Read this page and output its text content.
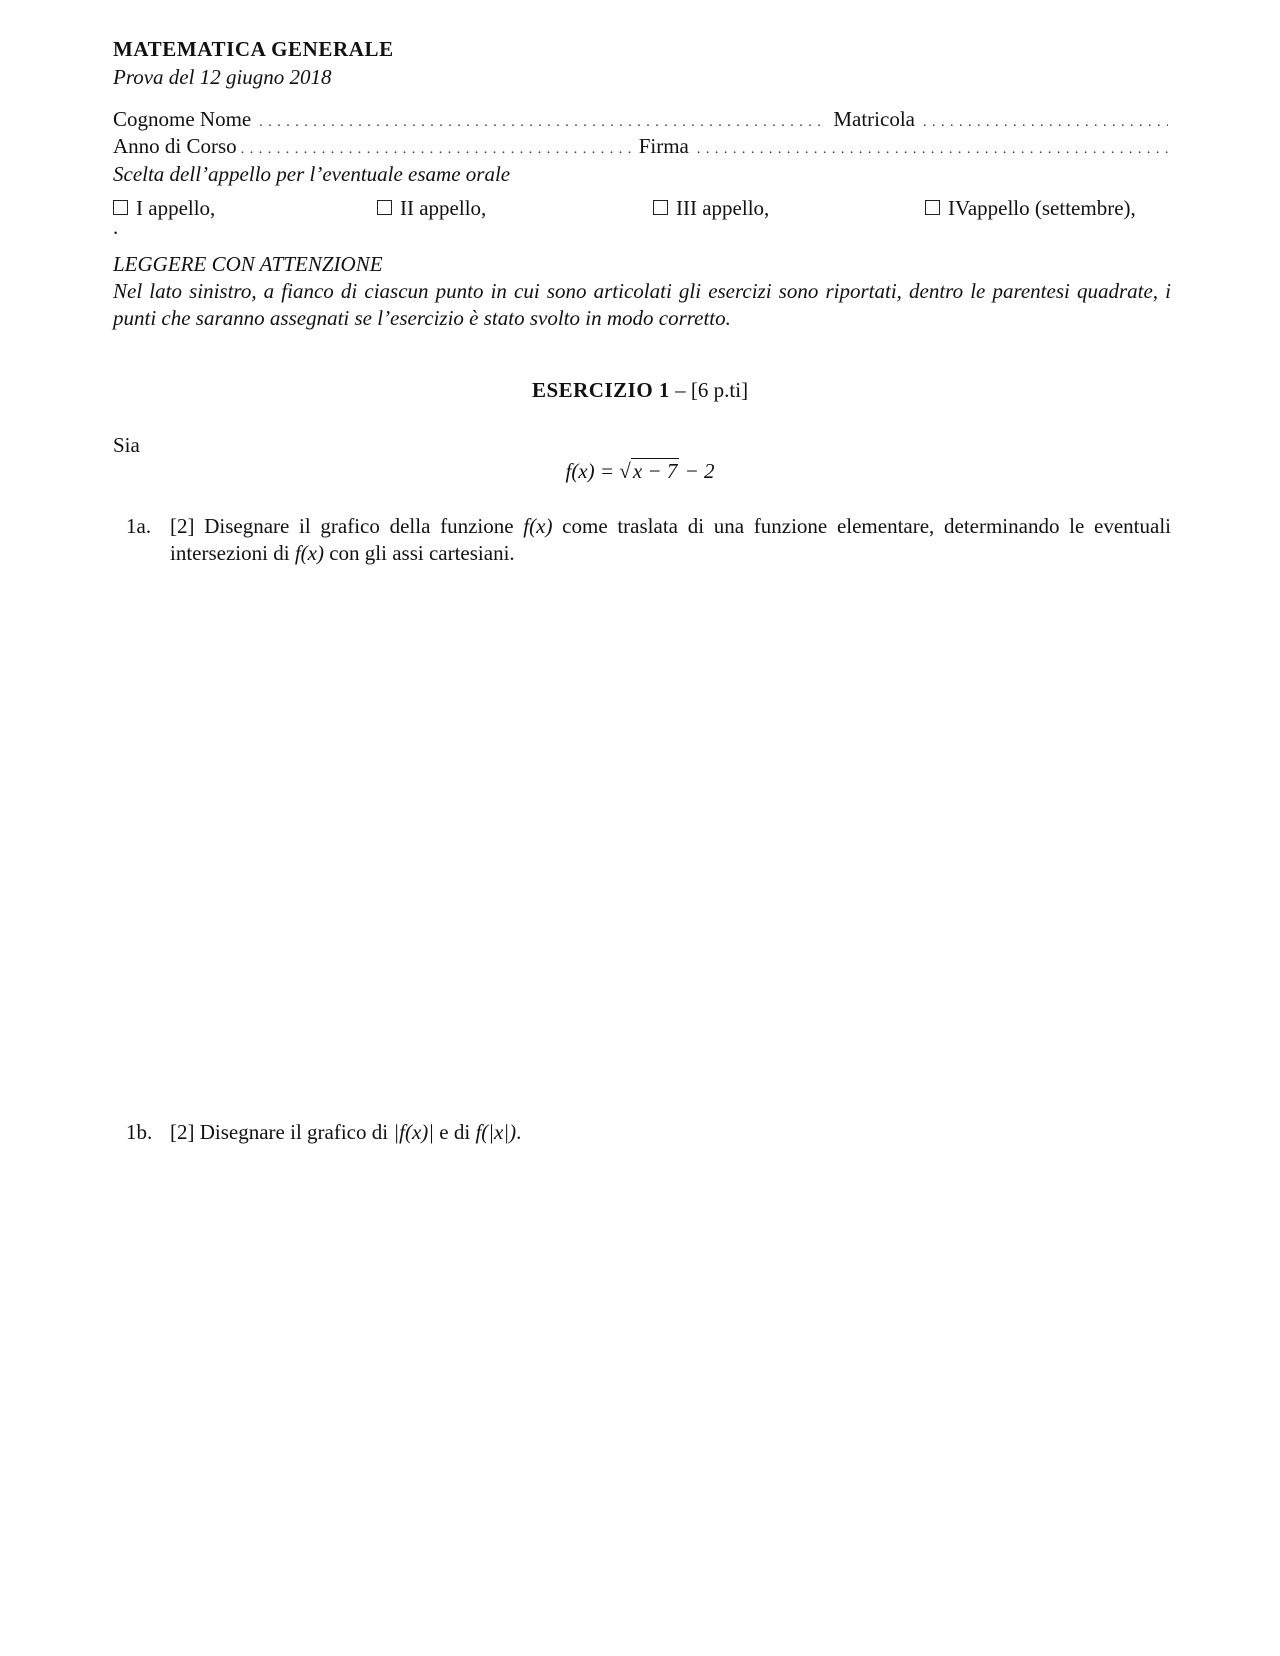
MATEMATICA GENERALE
Prova del 12 giugno 2018
Cognome Nome . . .	Matricola
. . .
Anno di Corso . . .	Firma
. . .
Scelta dell’appello per l’eventuale esame orale
I appello,	II appello,	III appello,	IVappello (settembre),
.
LEGGERE CON ATTENZIONE
Nel lato sinistro, a fianco di ciascun punto in cui sono articolati gli esercizi sono riportati, dentro le parentesi quadrate, i punti che saranno assegnati se l’esercizio è stato svolto in modo corretto.
ESERCIZIO 1 – [6 p.ti]
Sia
f(x) = √x − 7 − 2
1a. [2] Disegnare il grafico della funzione f(x) come traslata di una funzione elementare, determinando le eventuali intersezioni di f(x) con gli assi cartesiani.
1b. [2] Disegnare il grafico di |f(x)| e di f(|x|).
